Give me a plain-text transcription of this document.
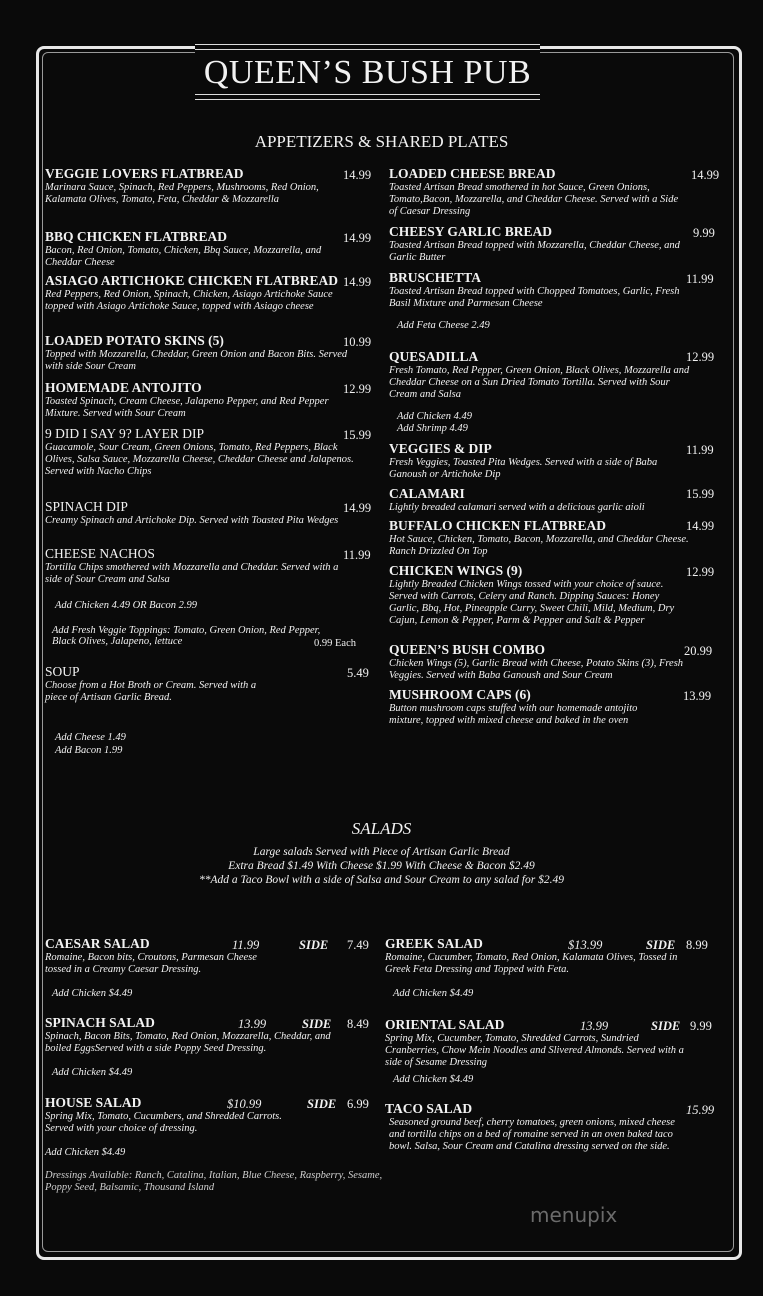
QUEEN’S BUSH PUB
APPETIZERS & SHARED PLATES
VEGGIE LOVERS FLATBREAD
Marinara Sauce, Spinach, Red Peppers, Mushrooms, Red Onion, Kalamata Olives, Tomato, Feta, Cheddar & Mozzarella
14.99
BBQ CHICKEN FLATBREAD
Bacon, Red Onion, Tomato, Chicken, Bbq Sauce, Mozzarella, and Cheddar Cheese
14.99
ASIAGO ARTICHOKE CHICKEN FLATBREAD
Red Peppers, Red Onion, Spinach, Chicken, Asiago Artichoke Sauce topped with Asiago Artichoke Sauce, topped with Asiago cheese
14.99
LOADED POTATO SKINS (5)
Topped with Mozzarella, Cheddar, Green Onion and Bacon Bits. Served with side Sour Cream
10.99
HOMEMADE ANTOJITO
Toasted Spinach, Cream Cheese, Jalapeno Pepper, and Red Pepper Mixture. Served with Sour Cream
12.99
9 DID I SAY 9? LAYER DIP
Guacamole, Sour Cream, Green Onions, Tomato, Red Peppers, Black Olives, Salsa Sauce, Mozzarella Cheese, Cheddar Cheese and Jalapenos. Served with Nacho Chips
15.99
SPINACH DIP
Creamy Spinach and Artichoke Dip. Served with Toasted Pita Wedges
14.99
CHEESE NACHOS
Tortilla Chips smothered with Mozzarella and Cheddar. Served with a side of Sour Cream and Salsa
11.99
Add Chicken 4.49 OR Bacon 2.99
Add Fresh Veggie Toppings: Tomato, Green Onion, Red Pepper, Black Olives, Jalapeno, lettuce	0.99 Each
SOUP
Choose from a Hot Broth or Cream. Served with a piece of Artisan Garlic Bread.
5.49
Add Cheese 1.49
Add Bacon 1.99
LOADED CHEESE BREAD
Toasted Artisan Bread smothered in hot Sauce, Green Onions, Tomato,Bacon, Mozzarella, and Cheddar Cheese. Served with a Side of Caesar Dressing
14.99
CHEESY GARLIC BREAD
Toasted Artisan Bread topped with Mozzarella, Cheddar Cheese, and Garlic Butter
9.99
BRUSCHETTA
Toasted Artisan Bread topped with Chopped Tomatoes, Garlic, Fresh Basil Mixture and Parmesan Cheese
11.99
Add Feta Cheese 2.49
QUESADILLA
Fresh Tomato, Red Pepper, Green Onion, Black Olives, Mozzarella and Cheddar Cheese on a Sun Dried Tomato Tortilla. Served with Sour Cream and Salsa
12.99
Add Chicken 4.49
Add Shrimp 4.49
VEGGIES & DIP
Fresh Veggies, Toasted Pita Wedges. Served with a side of Baba Ganoush or Artichoke Dip
11.99
CALAMARI
Lightly breaded calamari served with a delicious garlic aioli
15.99
BUFFALO CHICKEN FLATBREAD
Hot Sauce, Chicken, Tomato, Bacon, Mozzarella, and Cheddar Cheese. Ranch Drizzled On Top
14.99
CHICKEN WINGS (9)
Lightly Breaded Chicken Wings tossed with your choice of sauce. Served with Carrots, Celery and Ranch. Dipping Sauces: Honey Garlic, Bbq, Hot, Pineapple Curry, Sweet Chili, Mild, Medium, Dry Cajun, Lemon & Pepper, Parm & Pepper and Salt & Pepper
12.99
QUEEN’S BUSH COMBO
Chicken Wings (5), Garlic Bread with Cheese, Potato Skins (3), Fresh Veggies. Served with Baba Ganoush and Sour Cream
20.99
MUSHROOM CAPS (6)
Button mushroom caps stuffed with our homemade antojito mixture, topped with mixed cheese and baked in the oven
13.99
SALADS
Large salads Served with Piece of Artisan Garlic Bread
Extra Bread $1.49 With Cheese $1.99 With Cheese & Bacon $2.49
**Add a Taco Bowl with a side of Salsa and Sour Cream to any salad for $2.49
CAESAR SALAD
Romaine, Bacon bits, Croutons, Parmesan Cheese tossed in a Creamy Caesar Dressing.
11.99	SIDE 7.49
Add Chicken $4.49
SPINACH SALAD
Spinach, Bacon Bits, Tomato, Red Onion, Mozzarella, Cheddar, and boiled EggsServed with a side Poppy Seed Dressing.
13.99	SIDE 8.49
Add Chicken $4.49
HOUSE SALAD
Spring Mix, Tomato, Cucumbers, and Shredded Carrots. Served with your choice of dressing.
$10.99	SIDE 6.99
Add Chicken $4.49
Dressings Available: Ranch, Catalina, Italian, Blue Cheese, Raspberry, Sesame, Poppy Seed, Balsamic, Thousand Island
GREEK SALAD
Romaine, Cucumber, Tomato, Red Onion, Kalamata Olives, Tossed in Greek Feta Dressing and Topped with Feta.
$13.99	SIDE 8.99
Add Chicken $4.49
ORIENTAL SALAD
Spring Mix, Cucumber, Tomato, Shredded Carrots, Sundried Cranberries, Chow Mein Noodles and Slivered Almonds. Served with a side of Sesame Dressing
13.99	SIDE 9.99
Add Chicken $4.49
TACO SALAD
Seasoned ground beef, cherry tomatoes, green onions, mixed cheese and tortilla chips on a bed of romaine served in an oven baked taco bowl. Salsa, Sour Cream and Catalina dressing served on the side.
15.99
menupix
